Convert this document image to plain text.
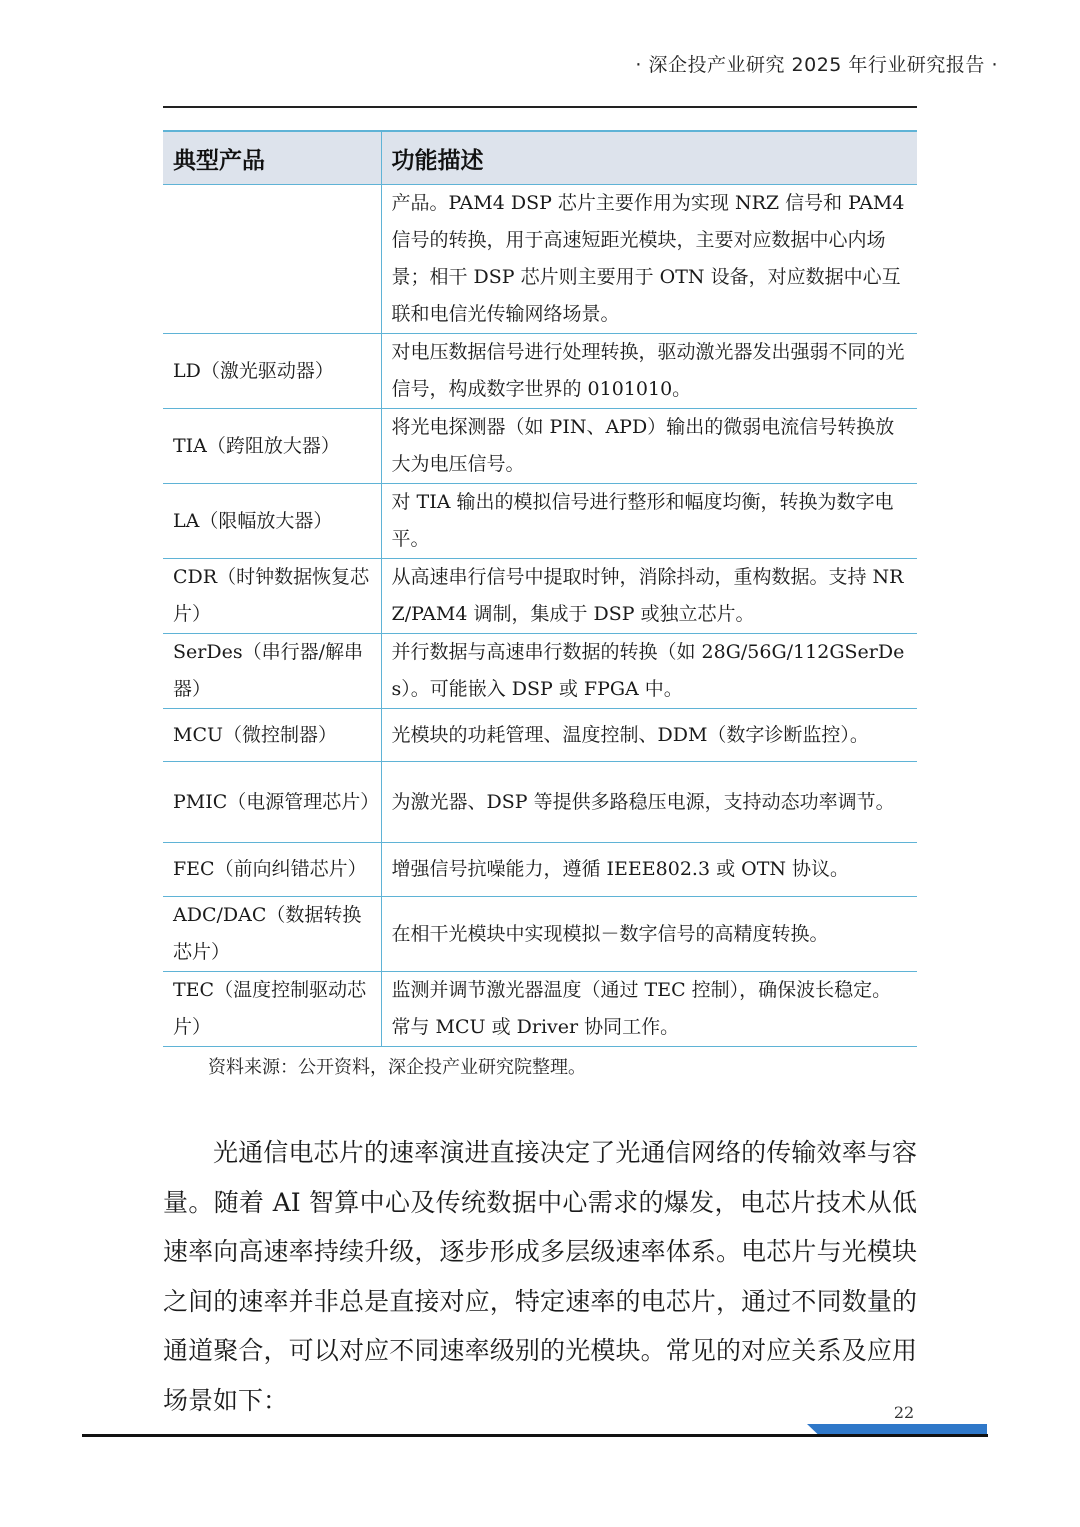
· 深企投产业研究 2025 年行业研究报告 ·
典型产品	功能描述
	产品。PAM4 DSP 芯片主要作用为实现 NRZ 信号和 PAM4 信号的转换，用于高速短距光模块，主要对应数据中心内场景；相干 DSP 芯片则主要用于 OTN 设备，对应数据中心互联和电信光传输网络场景。
LD（激光驱动器）	对电压数据信号进行处理转换，驱动激光器发出强弱不同的光信号，构成数字世界的 0101010。
TIA（跨阻放大器）	将光电探测器（如 PIN、APD）输出的微弱电流信号转换放大为电压信号。
LA（限幅放大器）	对 TIA 输出的模拟信号进行整形和幅度均衡，转换为数字电平。
CDR（时钟数据恢复芯片）	从高速串行信号中提取时钟，消除抖动，重构数据。支持 NRZ/PAM4 调制，集成于 DSP 或独立芯片。
SerDes（串行器/解串器）	并行数据与高速串行数据的转换（如 28G/56G/112GSerDes）。可能嵌入 DSP 或 FPGA 中。
MCU（微控制器）	光模块的功耗管理、温度控制、DDM（数字诊断监控）。
PMIC（电源管理芯片）	为激光器、DSP 等提供多路稳压电源，支持动态功率调节。
FEC（前向纠错芯片）	增强信号抗噪能力，遵循 IEEE802.3 或 OTN 协议。
ADC/DAC（数据转换芯片）	在相干光模块中实现模拟－数字信号的高精度转换。
TEC（温度控制驱动芯片）	监测并调节激光器温度（通过 TEC 控制），确保波长稳定。常与 MCU 或 Driver 协同工作。
资料来源：公开资料，深企投产业研究院整理。

光通信电芯片的速率演进直接决定了光通信网络的传输效率与容量。随着 AI 智算中心及传统数据中心需求的爆发，电芯片技术从低速率向高速率持续升级，逐步形成多层级速率体系。电芯片与光模块之间的速率并非总是直接对应，特定速率的电芯片，通过不同数量的通道聚合，可以对应不同速率级别的光模块。常见的对应关系及应用场景如下：	22
